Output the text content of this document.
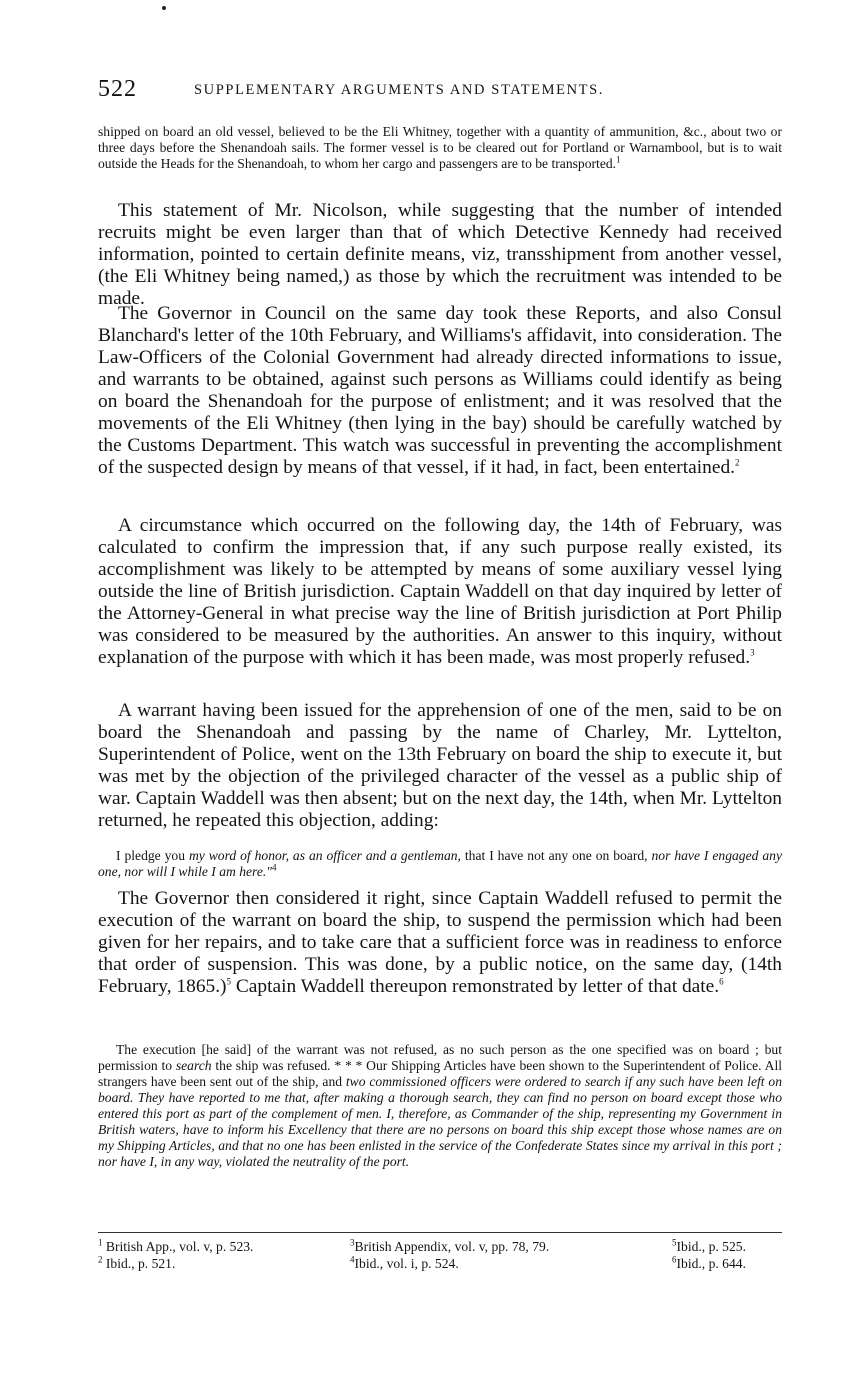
522	SUPPLEMENTARY ARGUMENTS AND STATEMENTS.

shipped on board an old vessel, believed to be the Eli Whitney, together with a quantity of ammunition, &c., about two or three days before the Shenandoah sails. The former vessel is to be cleared out for Portland or Warnambool, but is to wait outside the Heads for the Shenandoah, to whom her cargo and passengers are to be transported.$^1$

This statement of Mr. Nicolson, while suggesting that the number of intended recruits might be even larger than that of which Detective Kennedy had received information, pointed to certain definite means, viz, transshipment from another vessel, (the Eli Whitney being named,) as those by which the recruitment was intended to be made.

The Governor in Council on the same day took these Reports, and also Consul Blanchard's letter of the 10th February, and Williams's affidavit, into consideration. The Law-Officers of the Colonial Government had already directed informations to issue, and warrants to be obtained, against such persons as Williams could identify as being on board the Shenandoah for the purpose of enlistment; and it was resolved that the movements of the Eli Whitney (then lying in the bay) should be carefully watched by the Customs Department. This watch was successful in preventing the accomplishment of the suspected design by means of that vessel, if it had, in fact, been entertained.$^2$

A circumstance which occurred on the following day, the 14th of February, was calculated to confirm the impression that, if any such purpose really existed, its accomplishment was likely to be attempted by means of some auxiliary vessel lying outside the line of British jurisdiction. Captain Waddell on that day inquired by letter of the Attorney-General in what precise way the line of British jurisdiction at Port Philip was considered to be measured by the authorities. An answer to this inquiry, without explanation of the purpose with which it has been made, was most properly refused.$^3$

A warrant having been issued for the apprehension of one of the men, said to be on board the Shenandoah and passing by the name of Charley, Mr. Lyttelton, Superintendent of Police, went on the 13th February on board the ship to execute it, but was met by the objection of the privileged character of the vessel as a public ship of war. Captain Waddell was then absent; but on the next day, the 14th, when Mr. Lyttelton returned, he repeated this objection, adding:

I pledge you my word of honor, as an officer and a gentleman, that I have not any one on board, nor have I engaged any one, nor will I while I am here."$^4$

The Governor then considered it right, since Captain Waddell refused to permit the execution of the warrant on board the ship, to suspend the permission which had been given for her repairs, and to take care that a sufficient force was in readiness to enforce that order of suspension. This was done, by a public notice, on the same day, (14th February, 1865.)$^5$ Captain Waddell thereupon remonstrated by letter of that date.$^6$

The execution [he said] of the warrant was not refused, as no such person as the one specified was on board ; but permission to search the ship was refused. * * * Our Shipping Articles have been shown to the Superintendent of Police. All strangers have been sent out of the ship, and two commissioned officers were ordered to search if any such have been left on board. They have reported to me that, after making a thorough search, they can find no person on board except those who entered this port as part of the complement of men. I, therefore, as Commander of the ship, representing my Government in British waters, have to inform his Excellency that there are no persons on board this ship except those whose names are on my Shipping Articles, and that no one has been enlisted in the service of the Confederate States since my arrival in this port ; nor have I, in any way, violated the neutrality of the port.

$^1$ British App., vol. v, p. 523.
$^2$ Ibid., p. 521.
$^3$British Appendix, vol. v, pp. 78, 79.
$^4$Ibid., vol. i, p. 524.
$^5$Ibid., p. 525.
$^6$Ibid., p. 644.
